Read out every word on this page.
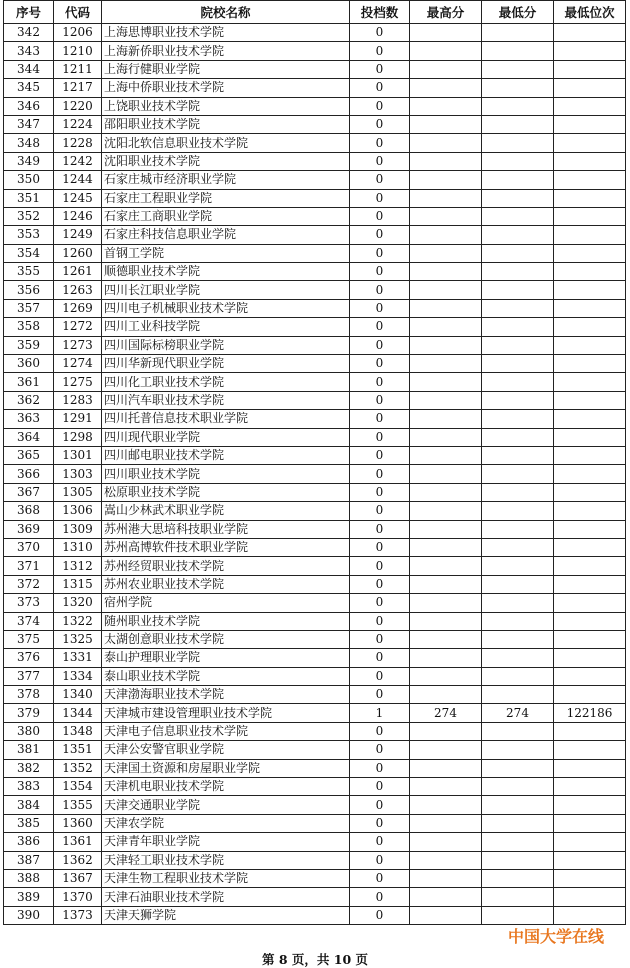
序号	代码	院校名称	投档数	最高分	最低分	最低位次
342	1206	上海思博职业技术学院	0			
343	1210	上海新侨职业技术学院	0			
344	1211	上海行健职业学院	0			
345	1217	上海中侨职业技术学院	0			
346	1220	上饶职业技术学院	0			
347	1224	邵阳职业技术学院	0			
348	1228	沈阳北软信息职业技术学院	0			
349	1242	沈阳职业技术学院	0			
350	1244	石家庄城市经济职业学院	0			
351	1245	石家庄工程职业学院	0			
352	1246	石家庄工商职业学院	0			
353	1249	石家庄科技信息职业学院	0			
354	1260	首钢工学院	0			
355	1261	顺德职业技术学院	0			
356	1263	四川长江职业学院	0			
357	1269	四川电子机械职业技术学院	0			
358	1272	四川工业科技学院	0			
359	1273	四川国际标榜职业学院	0			
360	1274	四川华新现代职业学院	0			
361	1275	四川化工职业技术学院	0			
362	1283	四川汽车职业技术学院	0			
363	1291	四川托普信息技术职业学院	0			
364	1298	四川现代职业学院	0			
365	1301	四川邮电职业技术学院	0			
366	1303	四川职业技术学院	0			
367	1305	松原职业技术学院	0			
368	1306	嵩山少林武术职业学院	0			
369	1309	苏州港大思培科技职业学院	0			
370	1310	苏州高博软件技术职业学院	0			
371	1312	苏州经贸职业技术学院	0			
372	1315	苏州农业职业技术学院	0			
373	1320	宿州学院	0			
374	1322	随州职业技术学院	0			
375	1325	太湖创意职业技术学院	0			
376	1331	泰山护理职业学院	0			
377	1334	泰山职业技术学院	0			
378	1340	天津渤海职业技术学院	0			
379	1344	天津城市建设管理职业技术学院	1	274	274	122186
380	1348	天津电子信息职业技术学院	0			
381	1351	天津公安警官职业学院	0			
382	1352	天津国土资源和房屋职业学院	0			
383	1354	天津机电职业技术学院	0			
384	1355	天津交通职业学院	0			
385	1360	天津农学院	0			
386	1361	天津青年职业学院	0			
387	1362	天津轻工职业技术学院	0			
388	1367	天津生物工程职业技术学院	0			
389	1370	天津石油职业技术学院	0			
390	1373	天津天狮学院	0			
中国大学在线
第 8 页，共 10 页
